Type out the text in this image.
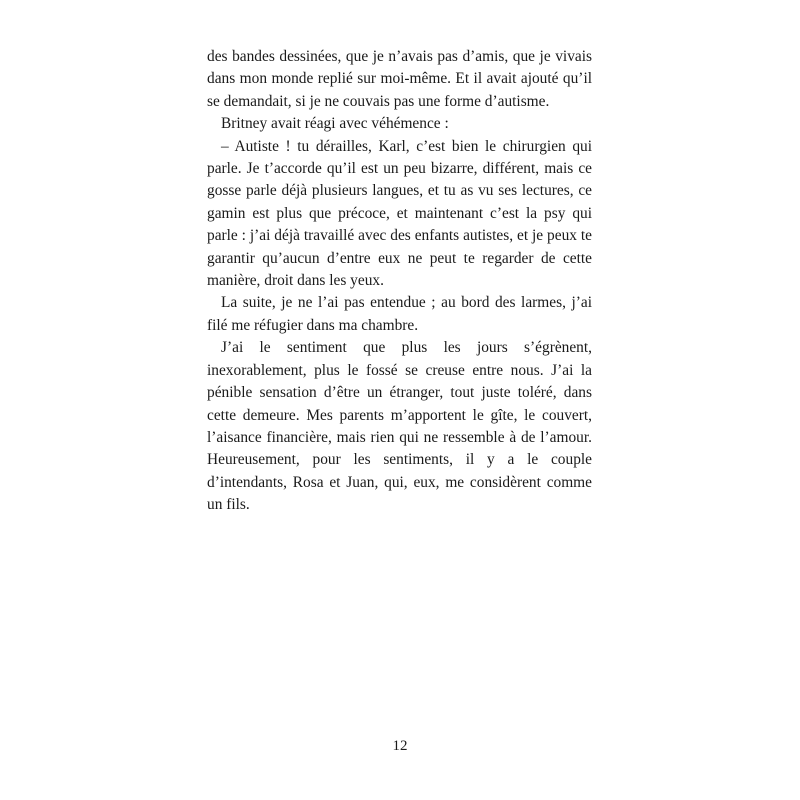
des bandes dessinées, que je n’avais pas d’amis, que je vivais dans mon monde replié sur moi-même. Et il avait ajouté qu’il se demandait, si je ne couvais pas une forme d’autisme.

Britney avait réagi avec véhémence :

– Autiste ! tu dérailles, Karl, c’est bien le chirurgien qui parle. Je t’accorde qu’il est un peu bizarre, différent, mais ce gosse parle déjà plusieurs langues, et tu as vu ses lectures, ce gamin est plus que précoce, et maintenant c’est la psy qui parle : j’ai déjà travaillé avec des enfants autistes, et je peux te garantir qu’aucun d’entre eux ne peut te regarder de cette manière, droit dans les yeux.

La suite, je ne l’ai pas entendue ; au bord des larmes, j’ai filé me réfugier dans ma chambre.

J’ai le sentiment que plus les jours s’égrènent, inexorablement, plus le fossé se creuse entre nous. J’ai la pénible sensation d’être un étranger, tout juste toléré, dans cette demeure. Mes parents m’apportent le gîte, le couvert, l’aisance financière, mais rien qui ne ressemble à de l’amour. Heureusement, pour les sentiments, il y a le couple d’intendants, Rosa et Juan, qui, eux, me considèrent comme un fils.

12
